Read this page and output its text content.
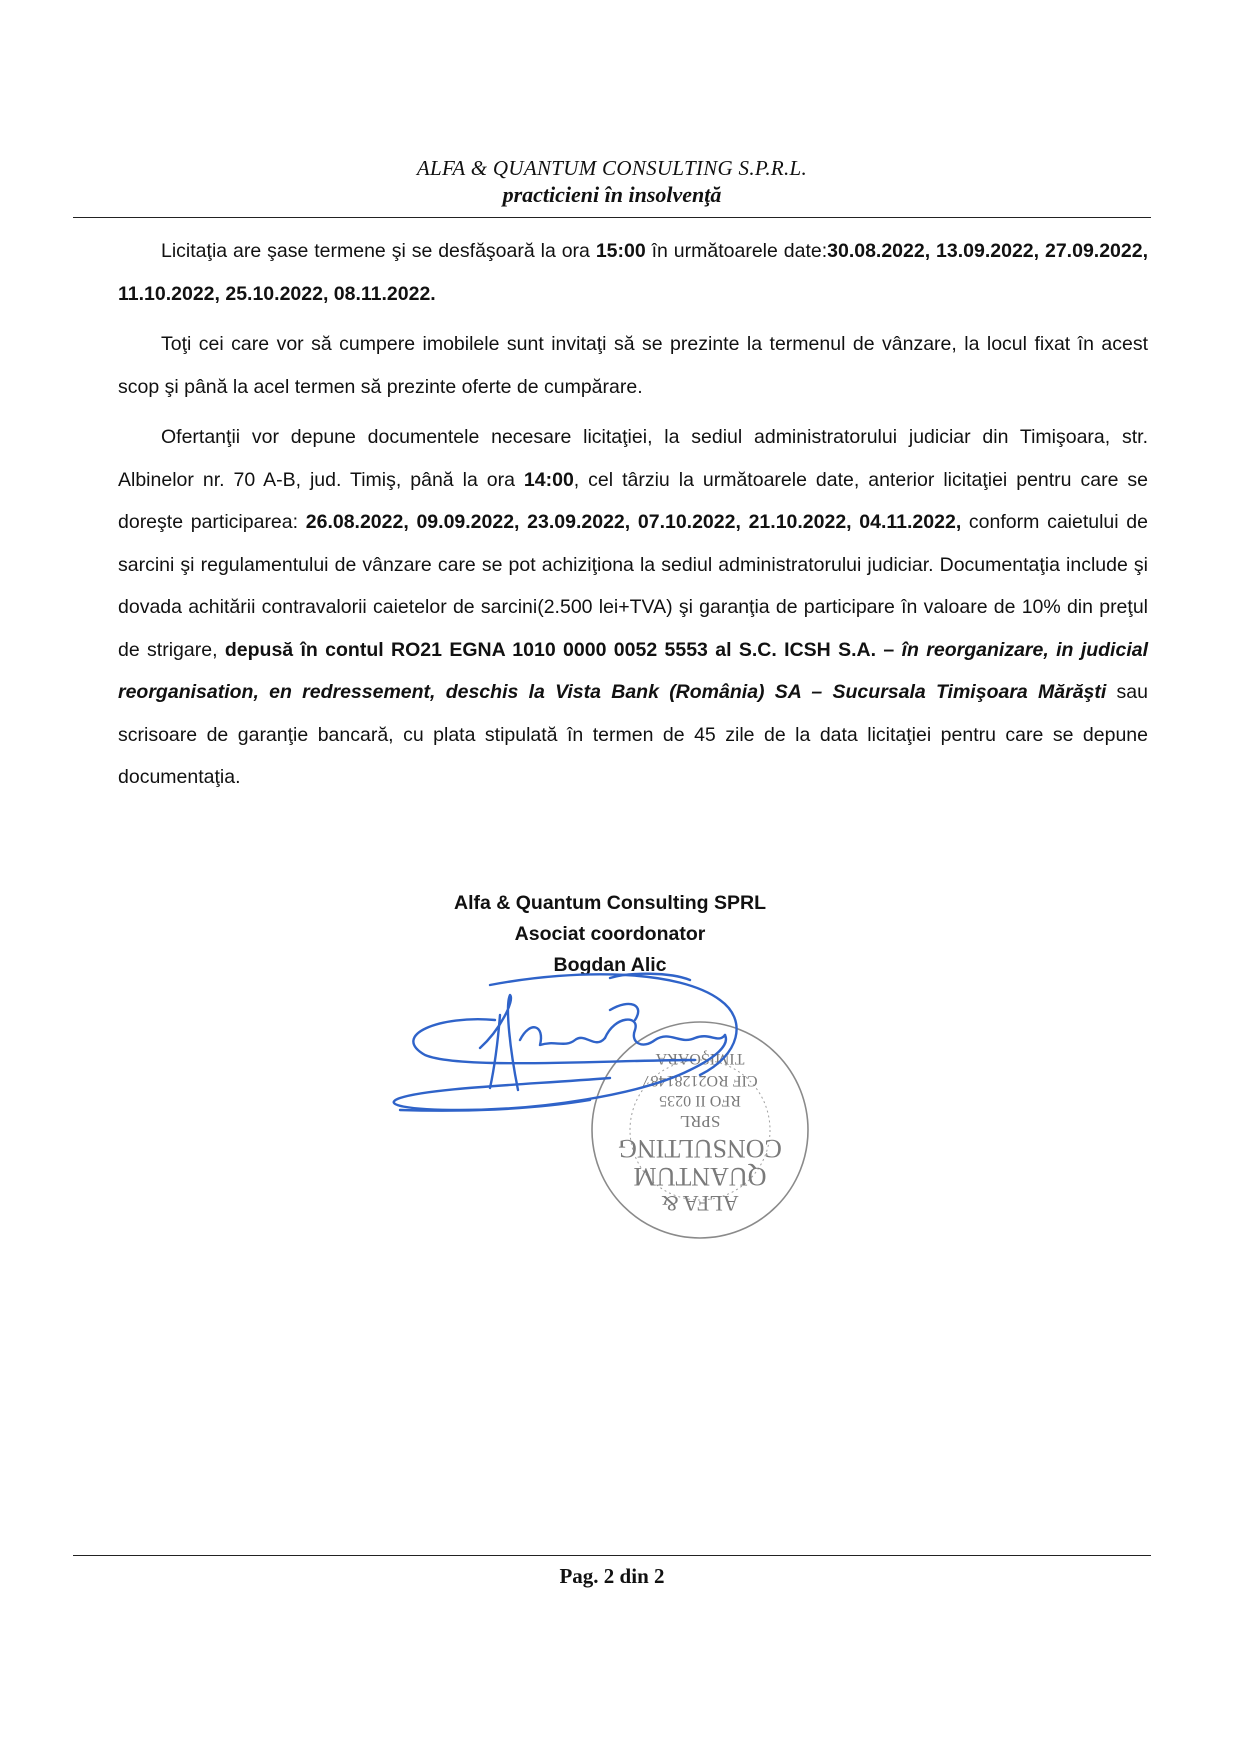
ALFA & QUANTUM CONSULTING S.P.R.L.
practicieni în insolvenţă

Licitaţia are şase termene şi se desfăşoară la ora 15:00 în următoarele date:30.08.2022, 13.09.2022, 27.09.2022, 11.10.2022, 25.10.2022, 08.11.2022.

Toţi cei care vor să cumpere imobilele sunt invitaţi să se prezinte la termenul de vânzare, la locul fixat în acest scop şi până la acel termen să prezinte oferte de cumpărare.

Ofertanţii vor depune documentele necesare licitaţiei, la sediul administratorului judiciar din Timişoara, str. Albinelor nr. 70 A-B, jud. Timiş, până la ora 14:00, cel târziu la următoarele date, anterior licitaţiei pentru care se doreşte participarea: 26.08.2022, 09.09.2022, 23.09.2022, 07.10.2022, 21.10.2022, 04.11.2022, conform caietului de sarcini şi regulamentului de vânzare care se pot achiziţiona la sediul administratorului judiciar. Documentaţia include şi dovada achitării contravalorii caietelor de sarcini(2.500 lei+TVA) şi garanţia de participare în valoare de 10% din preţul de strigare, depusă în contul RO21 EGNA 1010 0000 0052 5553 al S.C. ICSH S.A. – în reorganizare, in judicial reorganisation, en redressement, deschis la Vista Bank (România) SA – Sucursala Timişoara Mărăşti sau scrisoare de garanţie bancară, cu plata stipulată în termen de 45 zile de la data licitaţiei pentru care se depune documentaţia.

Alfa & Quantum Consulting SPRL
Asociat coordonator
Bogdan Alic
ALFA &
QUANTUM
CONSULTING
SPRL
RFO II 0235
CIF RO21281487
TIMIŞOARA
Pag. 2 din 2
